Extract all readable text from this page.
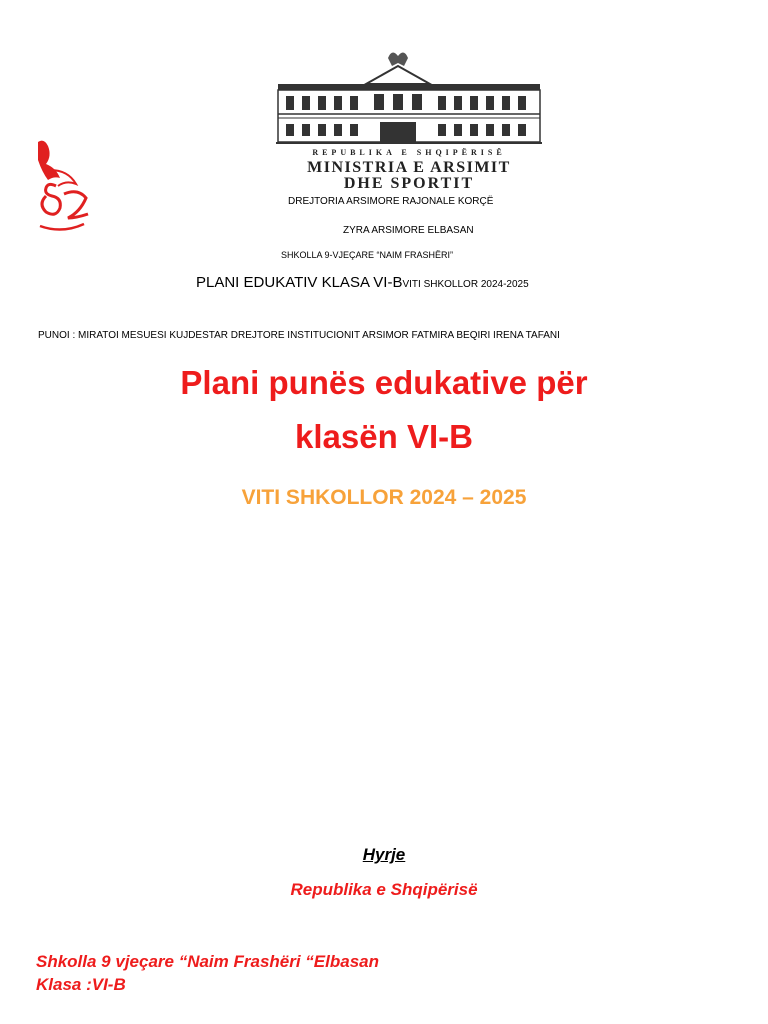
REPUBLIKA E SHQIPËRISË
MINISTRIA E ARSIMIT
DHE SPORTIT
DREJTORIA ARSIMORE RAJONALE KORÇË
ZYRA ARSIMORE ELBASAN
SHKOLLA 9-VJEÇARE “NAIM FRASHËRI”
PLANI EDUKATIV KLASA VI-BVITI SHKOLLOR 2024-2025
PUNOI : MIRATOI MESUESI KUJDESTAR DREJTORE INSTITUCIONIT ARSIMOR FATMIRA BEQIRI IRENA TAFANI
Plani punës edukative për
klasën VI-B
VITI SHKOLLOR 2024 – 2025
Hyrje
Republika e Shqipërisë
Shkolla 9 vjeçare “Naim Frashëri “Elbasan
Klasa :VI-B
